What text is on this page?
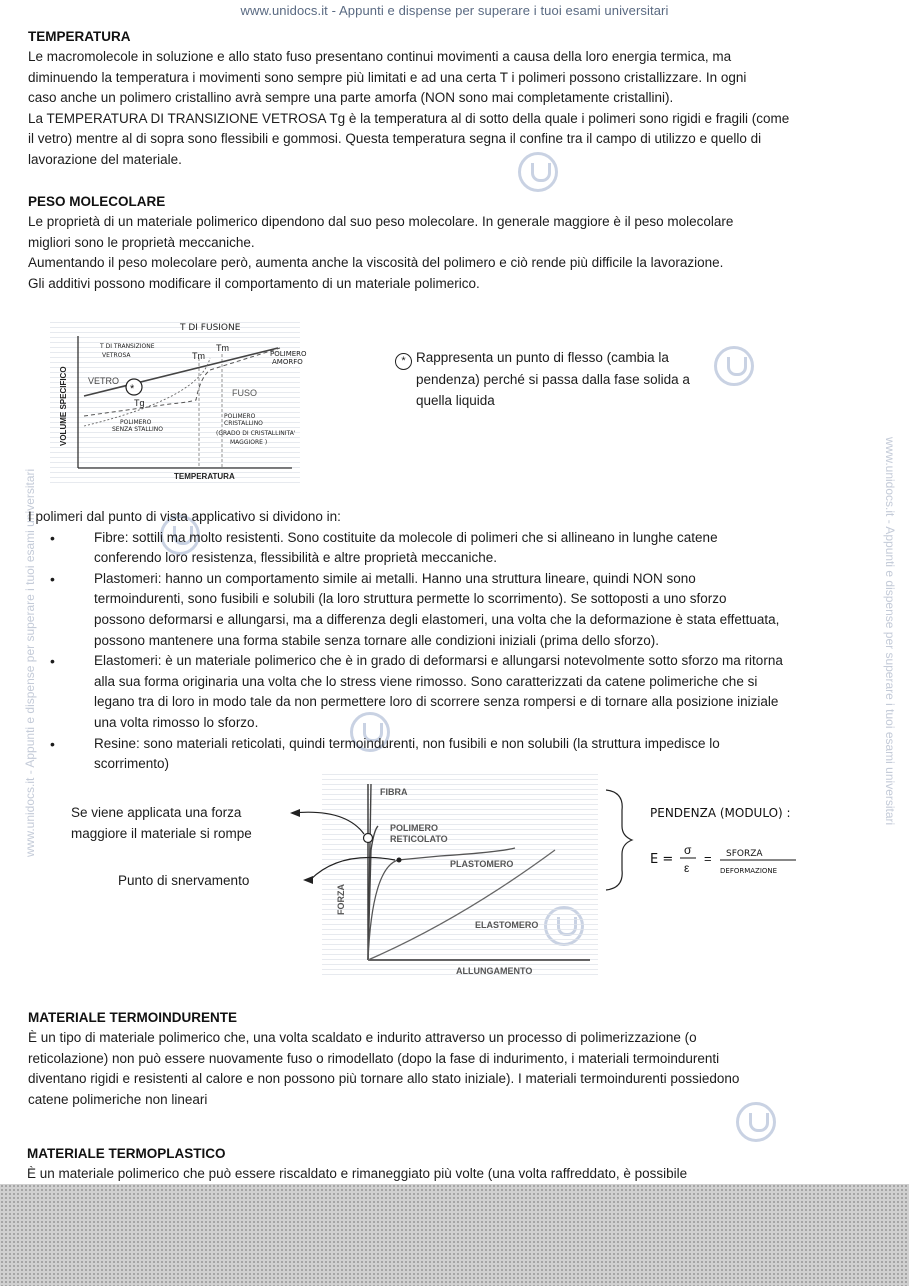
www.unidocs.it - Appunti e dispense per superare i tuoi esami universitari
www.unidocs.it - Appunti e dispense per superare i tuoi esami universitari	www.unidocs.it - Appunti e dispense per superare i tuoi esami universitari

TEMPERATURA

Le macromolecole in soluzione e allo stato fuso presentano continui movimenti a causa della loro energia termica, ma

diminuendo la temperatura i movimenti sono sempre più limitati e ad una certa T i polimeri possono cristallizzare. In ogni

caso anche un polimero cristallino avrà sempre una parte amorfa (NON sono mai completamente cristallini).

La TEMPERATURA DI TRANSIZIONE VETROSA Tg è la temperatura al di sotto della quale i polimeri sono rigidi e fragili (come

il vetro) mentre al di sopra sono flessibili e gommosi. Questa temperatura segna il confine tra il campo di utilizzo e quello di

lavorazione del materiale.

PESO MOLECOLARE

Le proprietà di un materiale polimerico dipendono dal suo peso molecolare. In generale maggiore è il peso molecolare

migliori sono le proprietà meccaniche.

Aumentando il peso molecolare però, aumenta anche la viscosità del polimero e ciò rende più difficile la lavorazione.

Gli additivi possono modificare il comportamento di un materiale polimerico.

*
T DI FUSIONE
T DI TRANSIZIONE
VETROSA	Tm
Tm
POLIMERO
AMORFO
VETRO
Tg
FUSO
VOLUME SPECIFICO
TEMPERATURA
POLIMERO
SENZA STALLINO
POLIMERO
CRISTALLINO
(GRADO DI CRISTALLINITA'
MAGGIORE )
* Rappresenta un punto di flesso (cambia la
pendenza) perché si passa dalla fase solida a
quella liquida

I polimeri dal punto di vista applicativo si dividono in:

• Fibre: sottili ma molto resistenti. Sono costituite da molecole di polimeri che si allineano in lunghe catene
conferendo loro resistenza, flessibilità e altre proprietà meccaniche.
• Plastomeri: hanno un comportamento simile ai metalli. Hanno una struttura lineare, quindi NON sono
termoindurenti, sono fusibili e solubili (la loro struttura permette lo scorrimento). Se sottoposti a uno sforzo
possono deformarsi e allungarsi, ma a differenza degli elastomeri, una volta che la deformazione è stata effettuata,
possono mantenere una forma stabile senza tornare alle condizioni iniziali (prima dello sforzo).
• Elastomeri: è un materiale polimerico che è in grado di deformarsi e allungarsi notevolmente sotto sforzo ma ritorna
alla sua forma originaria una volta che lo stress viene rimosso. Sono caratterizzati da catene polimeriche che si
legano tra di loro in modo tale da non permettere loro di scorrere senza rompersi e di tornare alla posizione iniziale
una volta rimosso lo sforzo.
• Resine: sono materiali reticolati, quindi termoindurenti, non fusibili e non solubili (la struttura impedisce lo
scorrimento)
Se viene applicata una forza
maggiore il materiale si rompe
Punto di snervamento
FIBRA
POLIMERO
RETICOLATO
PLASTOMERO
ELASTOMERO
FORZA
ALLUNGAMENTO
PENDENZA (MODULO) :
E =
σ
ε
= SFORZA
DEFORMAZIONE

MATERIALE TERMOINDURENTE

È un tipo di materiale polimerico che, una volta scaldato e indurito attraverso un processo di polimerizzazione (o

reticolazione) non può essere nuovamente fuso o rimodellato (dopo la fase di indurimento, i materiali termoindurenti

diventano rigidi e resistenti al calore e non possono più tornare allo stato iniziale). I materiali termoindurenti possiedono

catene polimeriche non lineari

MATERIALE TERMOPLASTICO

È un materiale polimerico che può essere riscaldato e rimaneggiato più volte (una volta raffreddato, è possibile
